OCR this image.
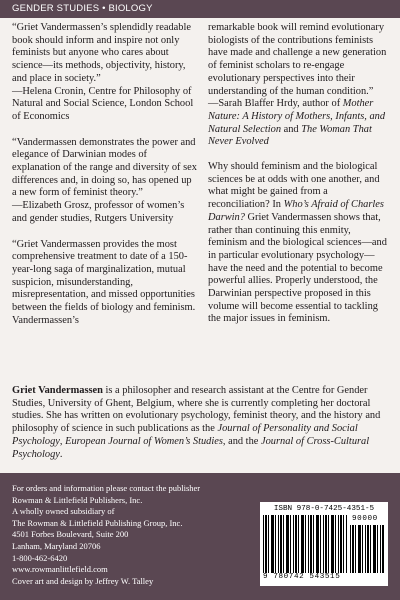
GENDER STUDIES • BIOLOGY

“Griet Vandermassen’s splendidly readable book should inform and inspire not only feminists but anyone who cares about science—its methods, objectivity, history, and place in society.”

—Helena Cronin, Centre for Philosophy of Natural and Social Science, London School of Economics

“Vandermassen demonstrates the power and elegance of Darwinian modes of explanation of the range and diversity of sex differences and, in doing so, has opened up a new form of feminist theory.”

—Elizabeth Grosz, professor of women’s and gender studies, Rutgers University

“Griet Vandermassen provides the most comprehensive treatment to date of a 150-year-long saga of marginalization, mutual suspicion, misunderstanding, misrepresentation, and missed opportunities between the fields of biology and feminism. Vandermassen’s

remarkable book will remind evolutionary biologists of the contributions feminists have made and challenge a new generation of feminist scholars to re-engage evolutionary perspectives into their understanding of the human condition.”

—Sarah Blaffer Hrdy, author of Mother Nature: A History of Mothers, Infants, and Natural Selection and The Woman That Never Evolved

Why should feminism and the biological sciences be at odds with one another, and what might be gained from a reconciliation? In Who’s Afraid of Charles Darwin? Griet Vandermassen shows that, rather than continuing this enmity, feminism and the biological sciences—and in particular evolutionary psychology—have the need and the potential to become powerful allies. Properly understood, the Darwinian perspective proposed in this volume will become essential to tackling the major issues in feminism.

Griet Vandermassen is a philosopher and research assistant at the Centre for Gender Studies, University of Ghent, Belgium, where she is currently completing her doctoral studies. She has written on evolutionary psychology, feminist theory, and the history and philosophy of science in such publications as the Journal of Personality and Social Psychology, European Journal of Women’s Studies, and the Journal of Cross-Cultural Psychology.
For orders and information please contact the publisher
Rowman & Littlefield Publishers, Inc.
A wholly owned subsidiary of
The Rowman & Littlefield Publishing Group, Inc.
4501 Forbes Boulevard, Suite 200
Lanham, Maryland 20706
1-800-462-6420
www.rowmanlittlefield.com
Cover art and design by Jeffrey W. Talley
ISBN 978-0-7425-4351-5
90000
9 780742 543515
